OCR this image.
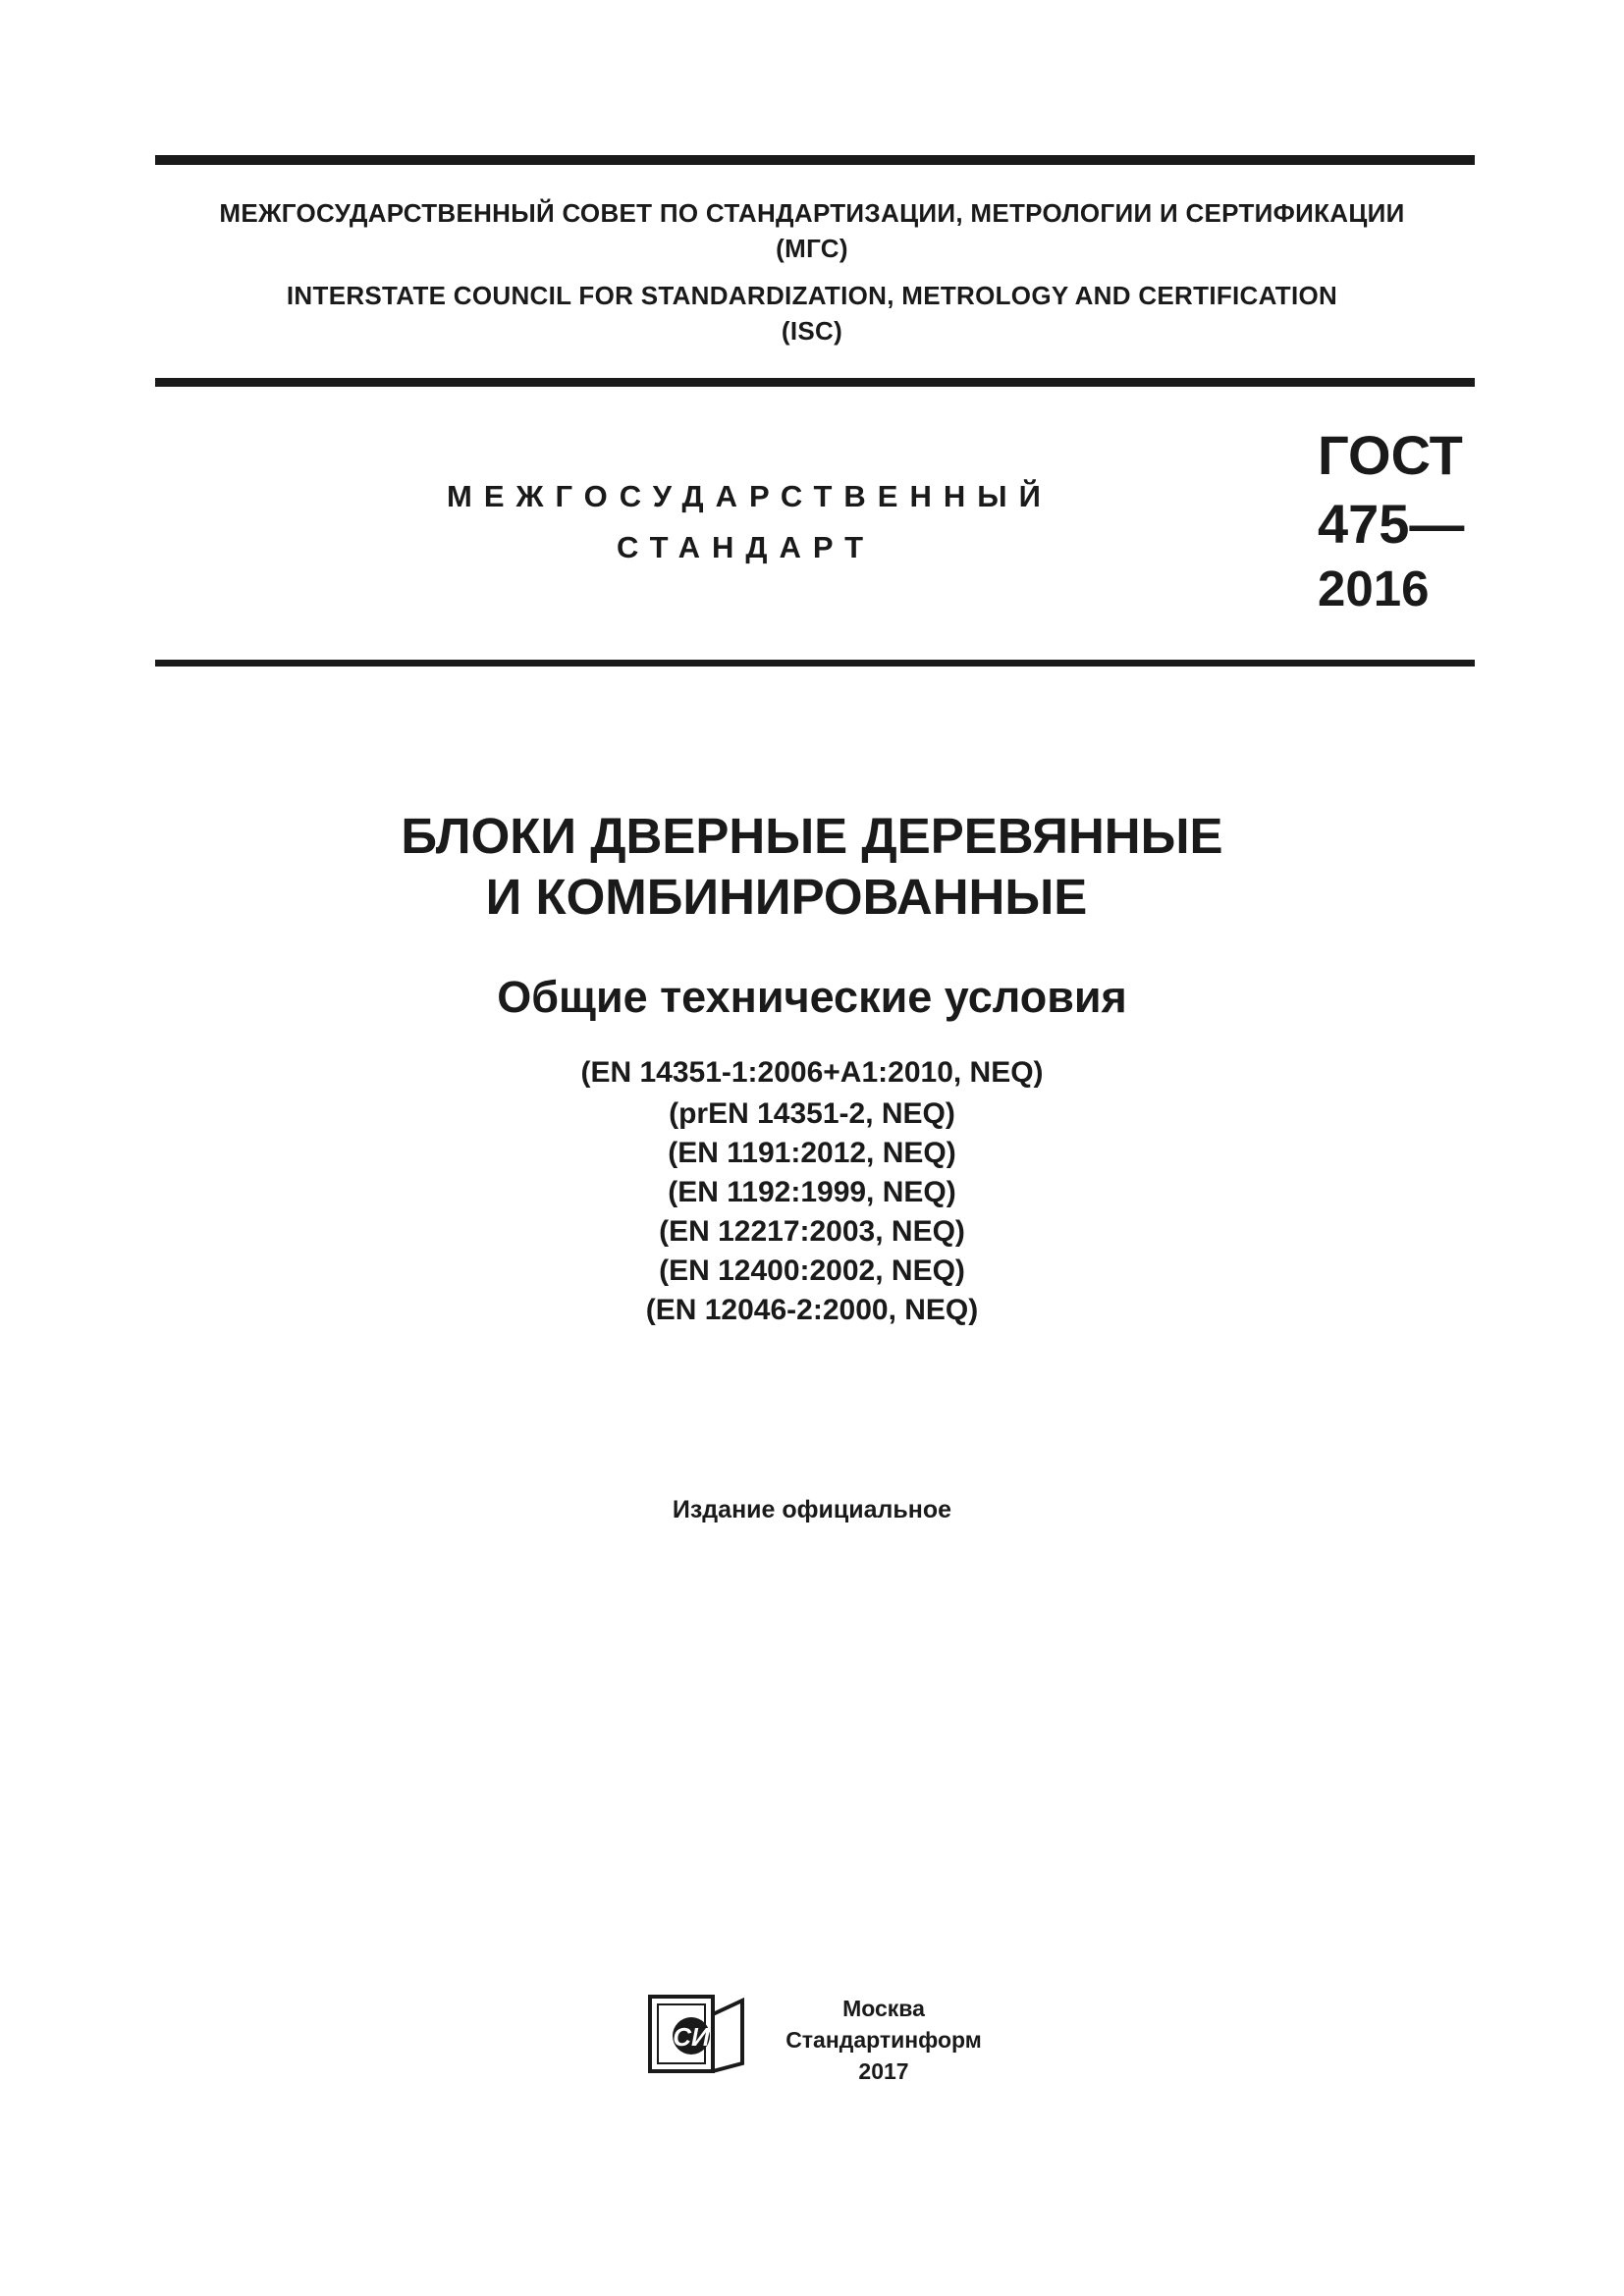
МЕЖГОСУДАРСТВЕННЫЙ СОВЕТ ПО СТАНДАРТИЗАЦИИ, МЕТРОЛОГИИ И СЕРТИФИКАЦИИ
(МГС)
INTERSTATE COUNCIL FOR STANDARDIZATION, METROLOGY AND CERTIFICATION
(ISC)
МЕЖГОСУДАРСТВЕННЫЙ
СТАНДАРТ
ГОСТ
475—
2016
БЛОКИ ДВЕРНЫЕ ДЕРЕВЯННЫЕ
И КОМБИНИРОВАННЫЕ
Общие технические условия
(EN 14351-1:2006+A1:2010, NEQ)
(prEN 14351-2, NEQ)
(EN 1191:2012, NEQ)
(EN 1192:1999, NEQ)
(EN 12217:2003, NEQ)
(EN 12400:2002, NEQ)
(EN 12046-2:2000, NEQ)
Издание официальное
СИ
Москва
Стандартинформ
2017
